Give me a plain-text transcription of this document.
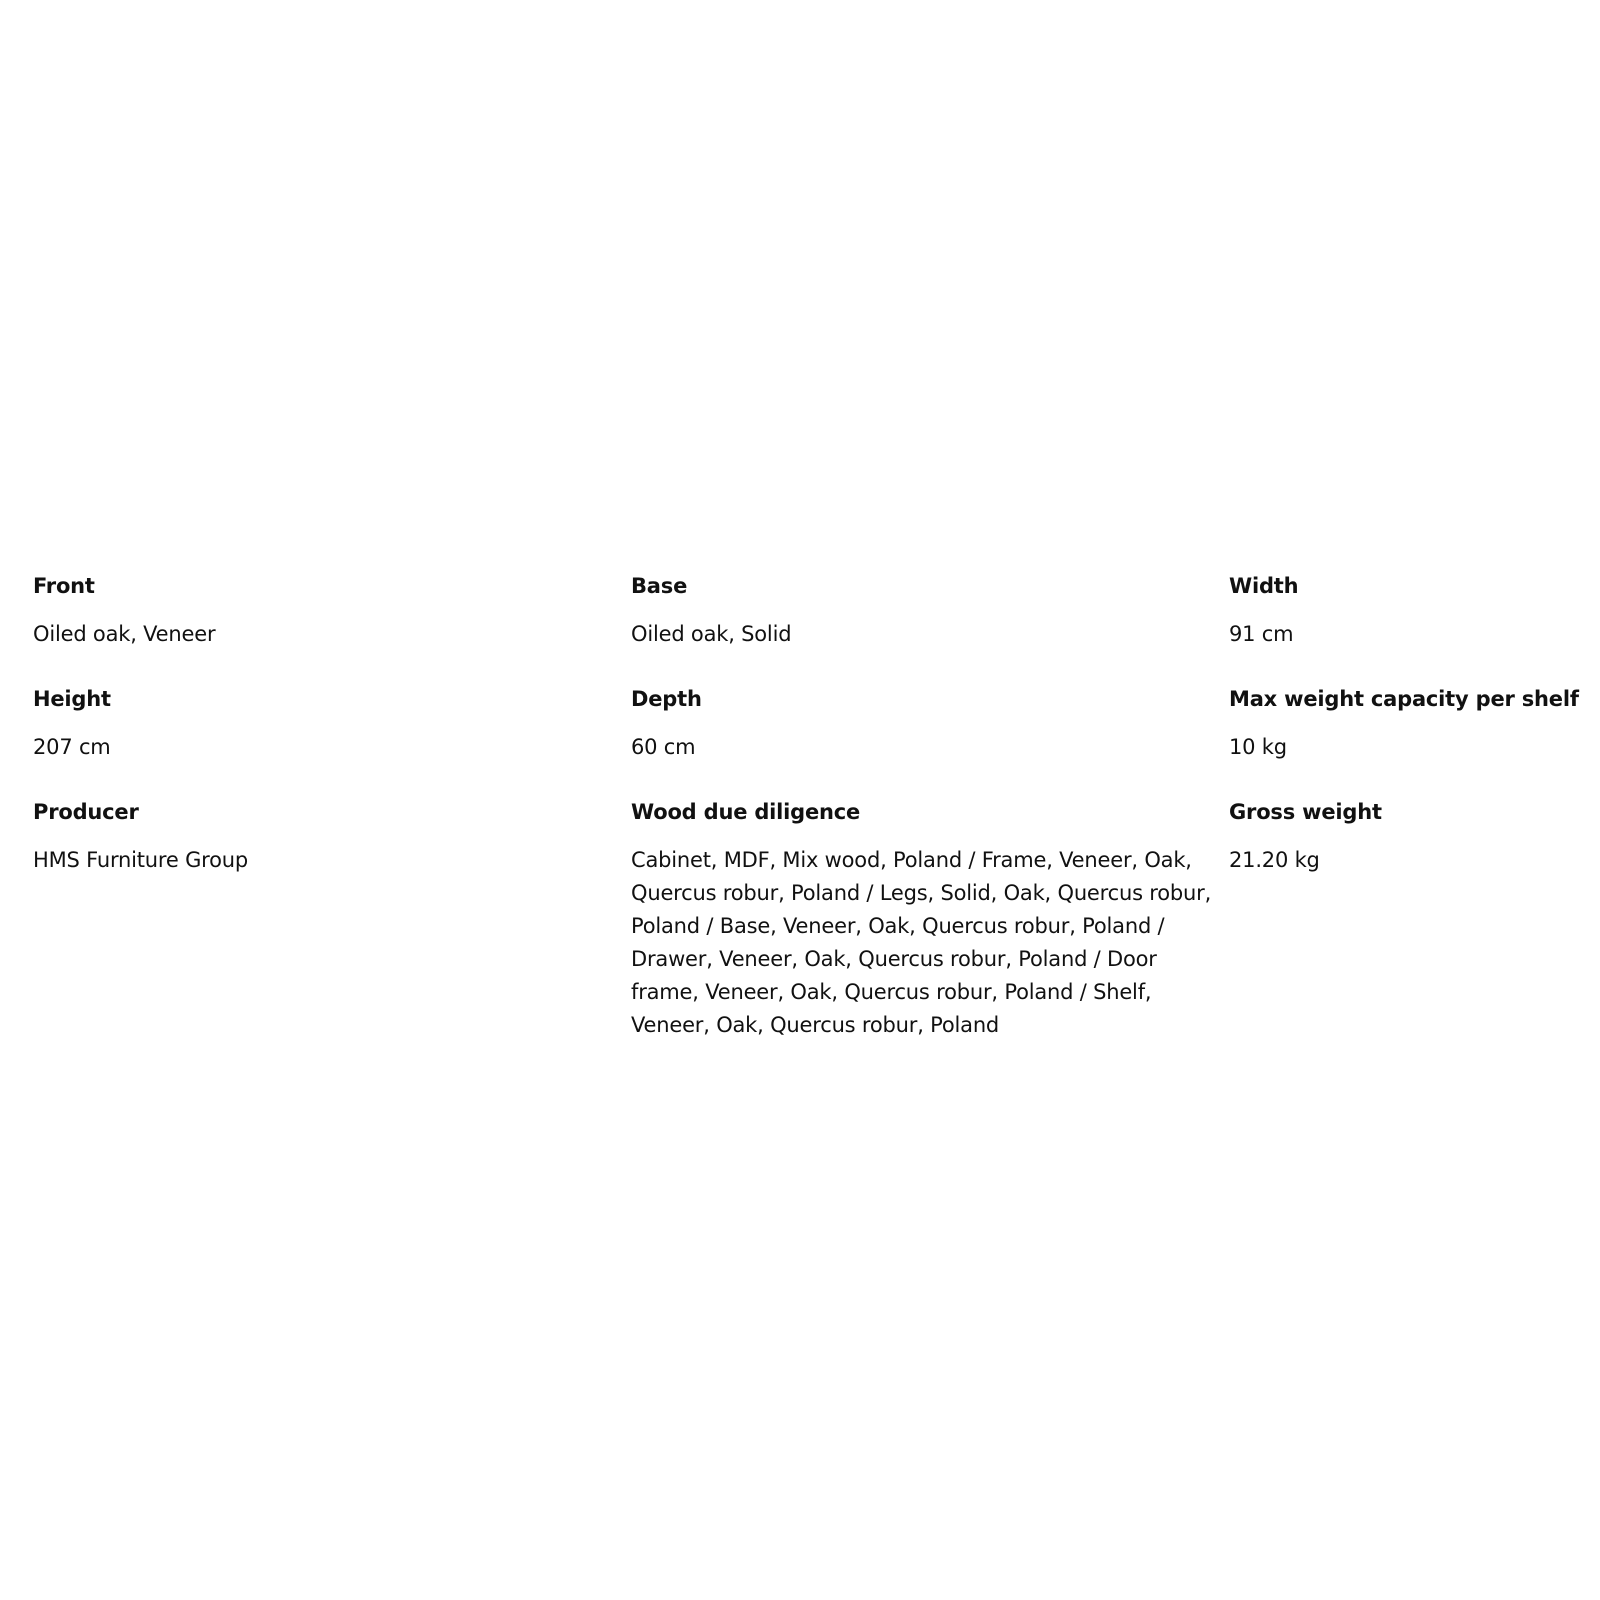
Front
Oiled oak, Veneer
Base
Oiled oak, Solid
Width
91 cm
Height
207 cm
Depth
60 cm
Max weight capacity per shelf
10 kg
Producer
HMS Furniture Group
Wood due diligence
Cabinet, MDF, Mix wood, Poland / Frame, Veneer, Oak, Quercus robur, Poland / Legs, Solid, Oak, Quercus robur, Poland / Base, Veneer, Oak, Quercus robur, Poland / Drawer, Veneer, Oak, Quercus robur, Poland / Door frame, Veneer, Oak, Quercus robur, Poland / Shelf, Veneer, Oak, Quercus robur, Poland
Gross weight
21.20 kg
